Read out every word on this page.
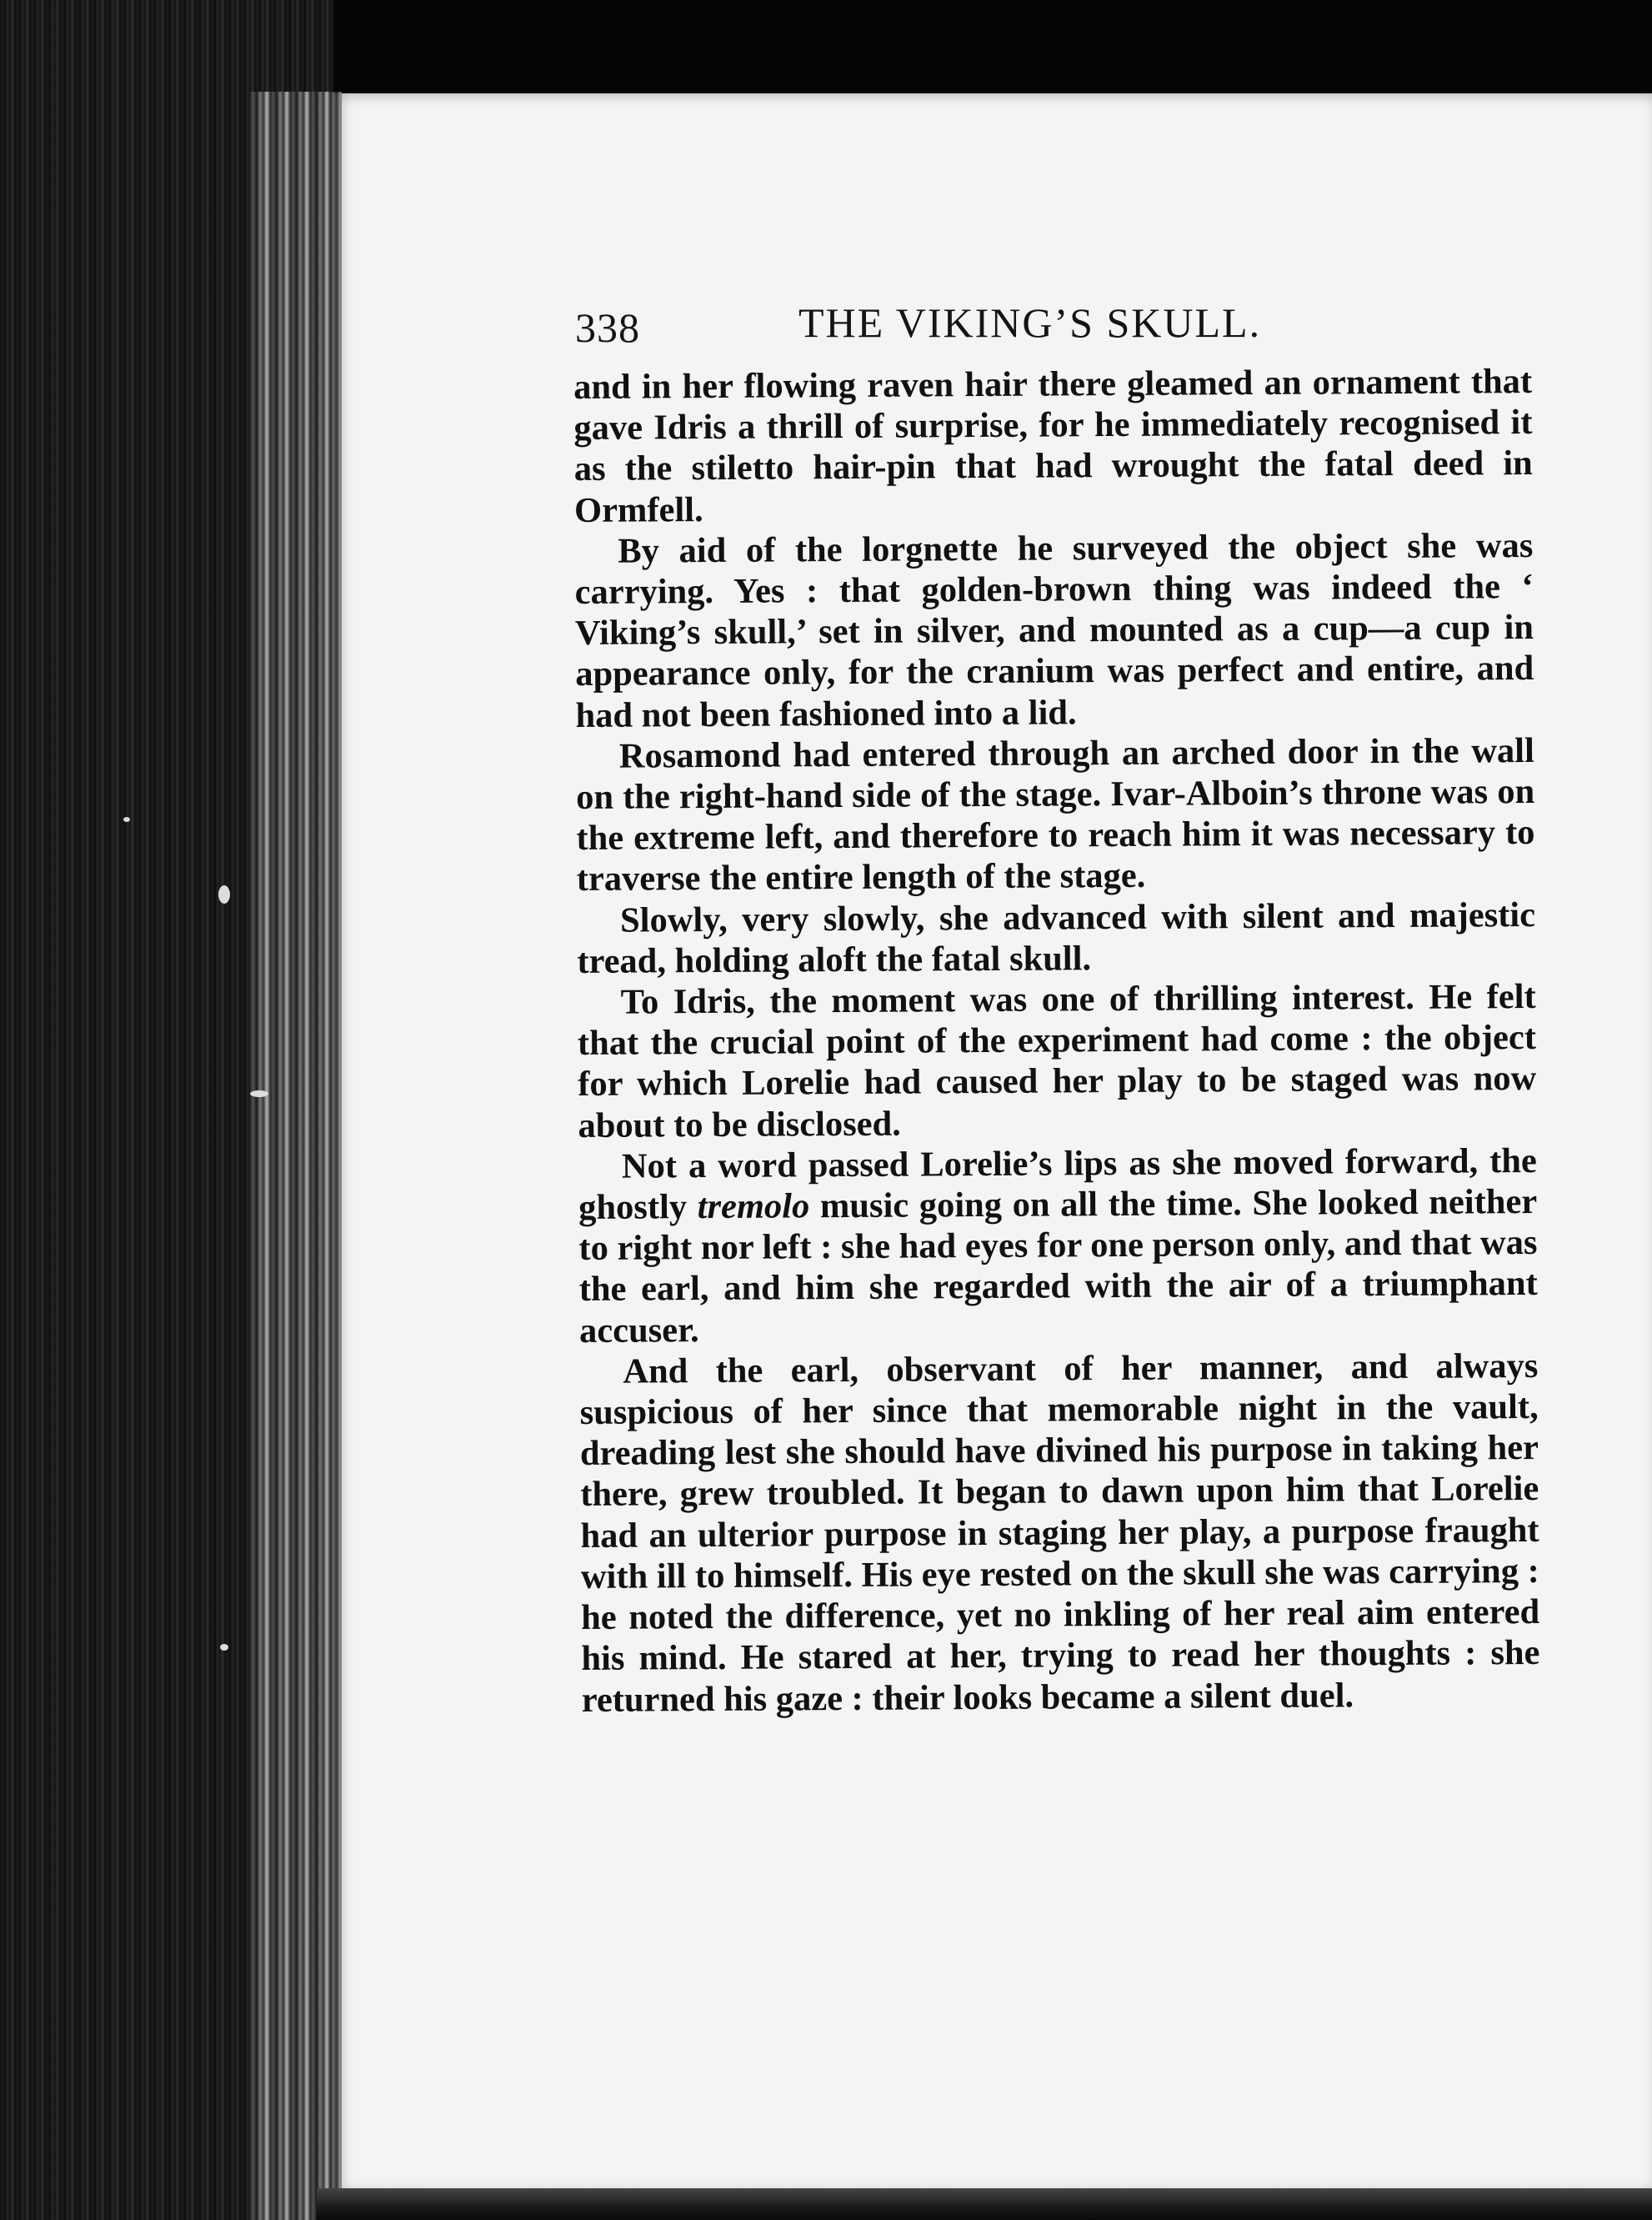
338	THE VIKING’S SKULL.

and in her flowing raven hair there gleamed an ornament that gave Idris a thrill of surprise, for he immediately recognised it as the stiletto hair-pin that had wrought the fatal deed in Ormfell.

By aid of the lorgnette he surveyed the object she was carrying. Yes : that golden-brown thing was indeed the ‘ Viking’s skull,’ set in silver, and mounted as a cup—a cup in appearance only, for the cranium was perfect and entire, and had not been fashioned into a lid.

Rosamond had entered through an arched door in the wall on the right-hand side of the stage. Ivar-Alboin’s throne was on the extreme left, and therefore to reach him it was necessary to traverse the entire length of the stage.

Slowly, very slowly, she advanced with silent and majestic tread, holding aloft the fatal skull.

To Idris, the moment was one of thrilling interest. He felt that the crucial point of the experiment had come : the object for which Lorelie had caused her play to be staged was now about to be disclosed.

Not a word passed Lorelie’s lips as she moved forward, the ghostly tremolo music going on all the time. She looked neither to right nor left : she had eyes for one person only, and that was the earl, and him she regarded with the air of a triumphant accuser.

And the earl, observant of her manner, and always suspicious of her since that memorable night in the vault, dreading lest she should have divined his purpose in taking her there, grew troubled. It began to dawn upon him that Lorelie had an ulterior purpose in staging her play, a purpose fraught with ill to himself. His eye rested on the skull she was carrying : he noted the difference, yet no inkling of her real aim entered his mind. He stared at her, trying to read her thoughts : she returned his gaze : their looks became a silent duel.
